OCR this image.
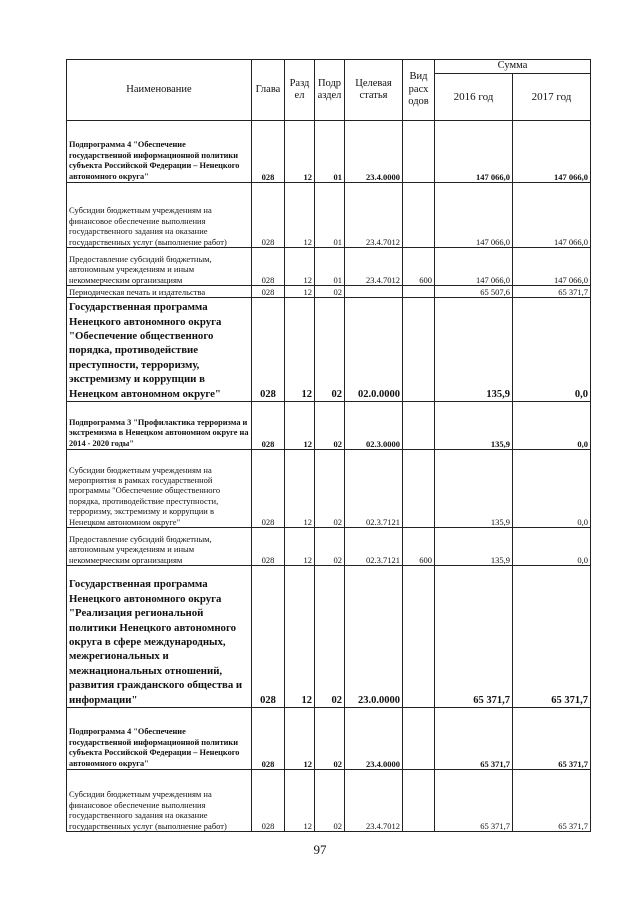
Наименование	Глава	Разд ел	Подр аздел	Целевая статья	Вид расх одов	Сумма	
						2016 год	2017 год
Подпрограмма 4 "Обеспечение государственной информационной политики субъекта Российской Федерации – Ненецкого автономного округа"	028	12	01	23.4.0000		147 066,0	147 066,0
Субсидии бюджетным учреждениям на финансовое обеспечение выполнения государственного задания на оказание государственных услуг (выполнение работ)	028	12	01	23.4.7012		147 066,0	147 066,0
Предоставление субсидий бюджетным, автономным учреждениям и иным некоммерческим организациям	028	12	01	23.4.7012	600	147 066,0	147 066,0
Периодическая печать и издательства	028	12	02			65 507,6	65 371,7
Государственная программа Ненецкого автономного округа "Обеспечение общественного порядка, противодействие преступности, терроризму, экстремизму и коррупции в Ненецком автономном округе"	028	12	02	02.0.0000		135,9	0,0
Подпрограмма 3 "Профилактика терроризма и экстремизма в Ненецком автономном округе на 2014 - 2020 годы"	028	12	02	02.3.0000		135,9	0,0
Субсидии бюджетным учреждениям на мероприятия в рамках государственной программы "Обеспечение общественного порядка, противодействие преступности, терроризму, экстремизму и коррупции в Ненецком автономном округе"	028	12	02	02.3.7121		135,9	0,0
Предоставление субсидий бюджетным, автономным учреждениям и иным некоммерческим организациям	028	12	02	02.3.7121	600	135,9	0,0
Государственная программа Ненецкого автономного округа "Реализация региональной политики Ненецкого автономного округа в сфере международных, межрегиональных и межнациональных отношений, развития гражданского общества и информации"	028	12	02	23.0.0000		65 371,7	65 371,7
Подпрограмма 4 "Обеспечение государственной информационной политики субъекта Российской Федерации – Ненецкого автономного округа"	028	12	02	23.4.0000		65 371,7	65 371,7
Субсидии бюджетным учреждениям на финансовое обеспечение выполнения государственного задания на оказание государственных услуг (выполнение работ)	028	12	02	23.4.7012		65 371,7	65 371,7
97
